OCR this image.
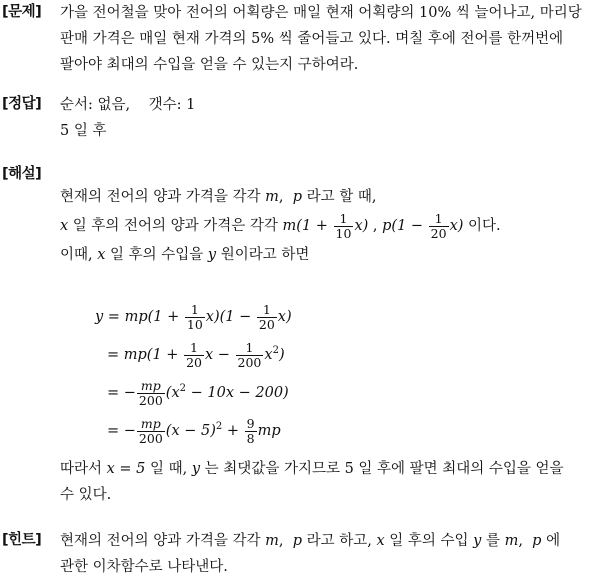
[문제] 가을 전어철을 맞아 전어의 어획량은 매일 현재 어획량의 10% 씩 늘어나고, 마리당
판매 가격은 매일 현재 가격의 5% 씩 줄어들고 있다. 며칠 후에 전어를 한꺼번에
팔아야 최대의 수입을 얻을 수 있는지 구하여라.
[정답] 순서: 없음,    갯수: 1
5 일 후
[해설]
현재의 전어의 양과 가격을 각각 m, p 라고 할 때,
x 일 후의 전어의 양과 가격은 각각 $m(1 + \frac{1}{10} x)$ , $p(1 - \frac{1}{20} x)$ 이다.
이때, x 일 후의 수입을 y 원이라고 하면
$y = mp(1 + \frac{1}{10} x)(1 - \frac{1}{20} x)$
= $mp(1 + \frac{1}{20}$ $x - \frac{1}{200} x^2$)
= − $\frac{mp}{200} (x^2 - 10x - 200)$
= − $\frac{mp}{200} (x - 5)^2 + \frac{9}{8}$ mp
따라서 x = 5 일 때, y 는 최댓값을 가지므로 5 일 후에 팔면 최대의 수입을 얻을
수 있다.
[힌트] 현재의 전어의 양과 가격을 각각 m, p 라고 하고, x 일 후의 수입 y 를 m, p 에
관한 이차함수로 나타낸다.
